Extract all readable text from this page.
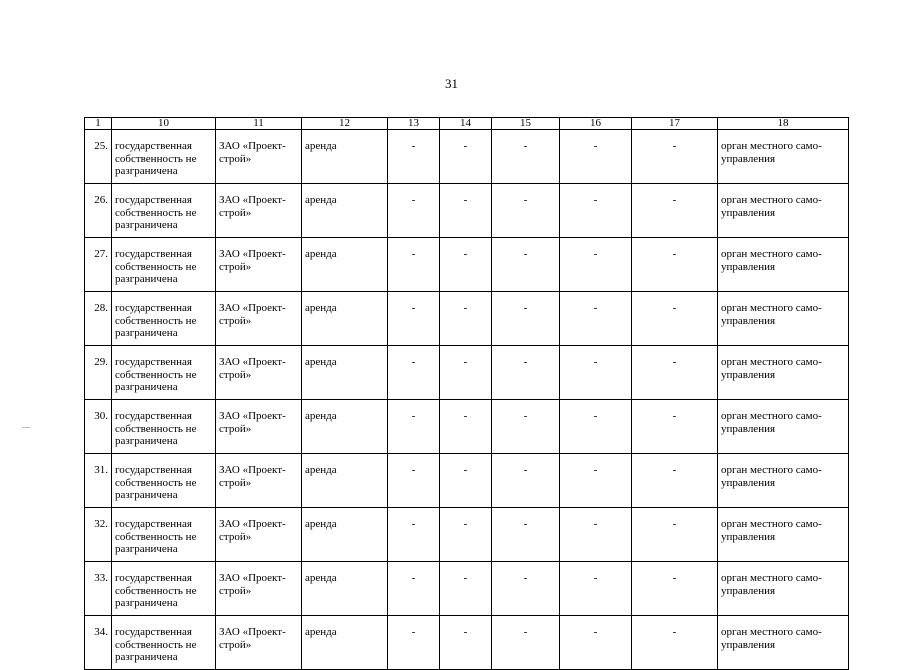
31
1	10	11	12	13	14	15	16	17	18
25.	государственная собственность не разграничена	ЗАО «Проект-строй»	аренда	-	-	-	-	-	орган местного само-управления
26.	государственная собственность не разграничена	ЗАО «Проект-строй»	аренда	-	-	-	-	-	орган местного само-управления
27.	государственная собственность не разграничена	ЗАО «Проект-строй»	аренда	-	-	-	-	-	орган местного само-управления
28.	государственная собственность не разграничена	ЗАО «Проект-строй»	аренда	-	-	-	-	-	орган местного само-управления
29.	государственная собственность не разграничена	ЗАО «Проект-строй»	аренда	-	-	-	-	-	орган местного само-управления
30.	государственная собственность не разграничена	ЗАО «Проект-строй»	аренда	-	-	-	-	-	орган местного само-управления
31.	государственная собственность не разграничена	ЗАО «Проект-строй»	аренда	-	-	-	-	-	орган местного само-управления
32.	государственная собственность не разграничена	ЗАО «Проект-строй»	аренда	-	-	-	-	-	орган местного само-управления
33.	государственная собственность не разграничена	ЗАО «Проект-строй»	аренда	-	-	-	-	-	орган местного само-управления
34.	государственная собственность не разграничена	ЗАО «Проект-строй»	аренда	-	-	-	-	-	орган местного само-управления
